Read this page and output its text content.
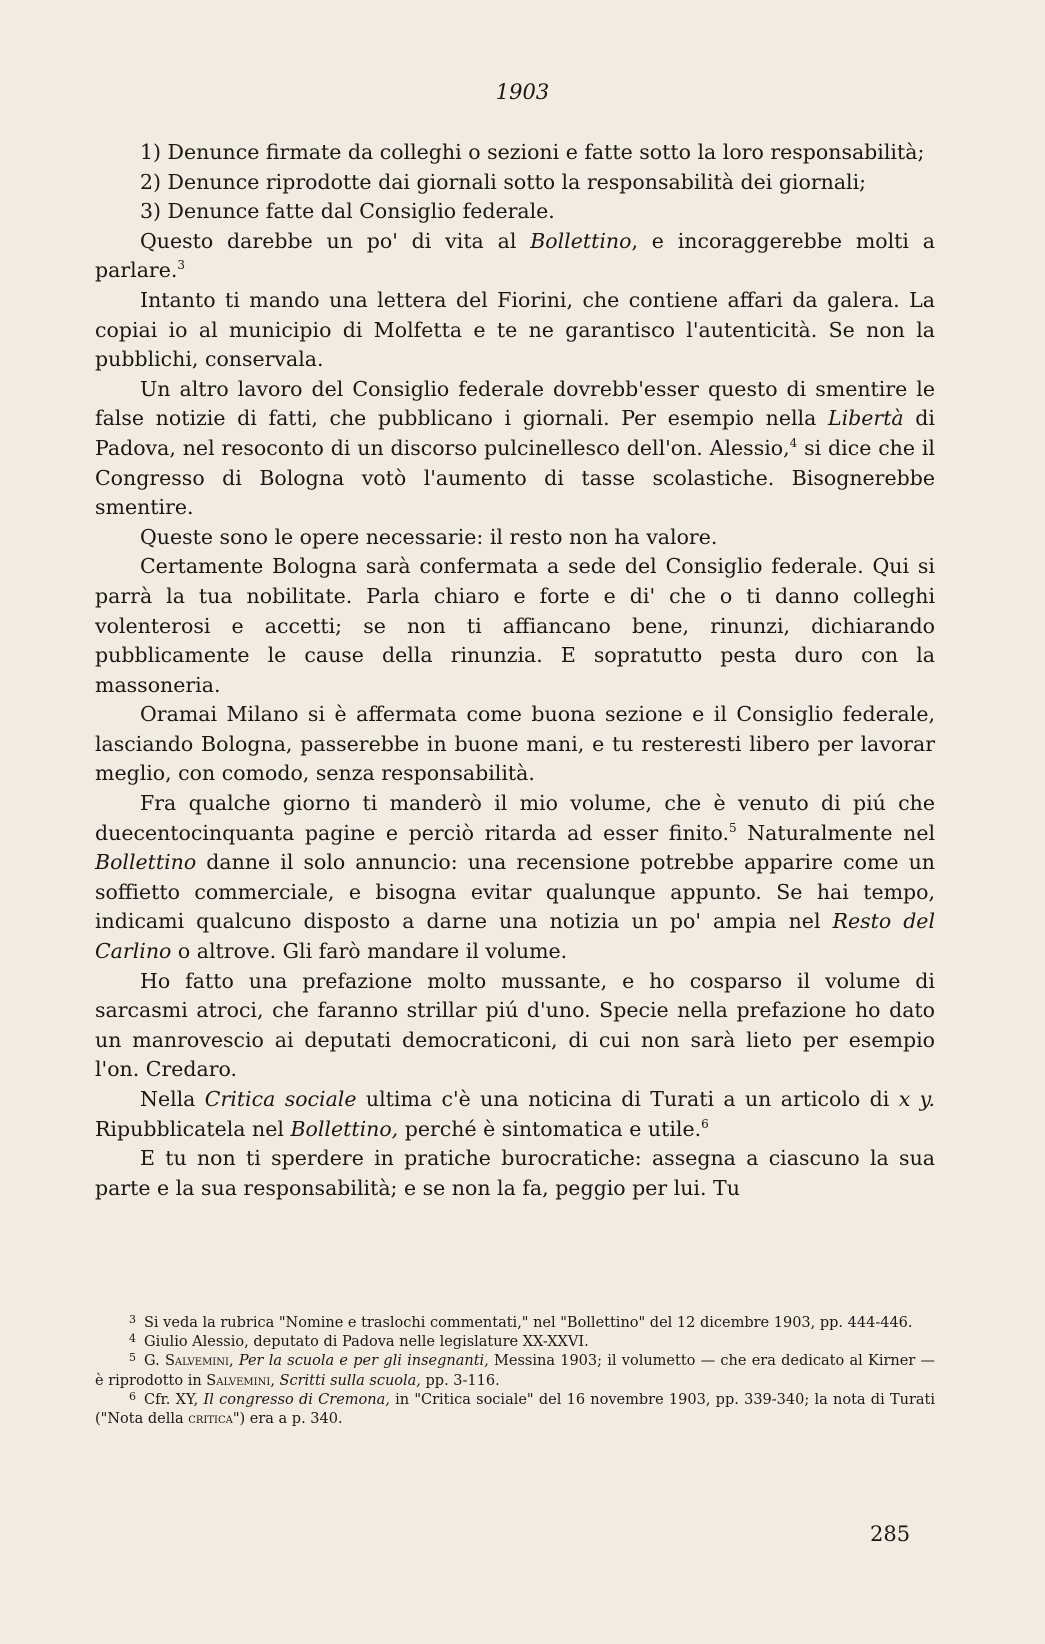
1903

1) Denunce firmate da colleghi o sezioni e fatte sotto la loro responsabilità;

2) Denunce riprodotte dai giornali sotto la responsabilità dei giornali;

3) Denunce fatte dal Consiglio federale.

Questo darebbe un po' di vita al Bollettino, e incoraggerebbe molti a parlare.$^3$

Intanto ti mando una lettera del Fiorini, che contiene affari da galera. La copiai io al municipio di Molfetta e te ne garantisco l'autenticità. Se non la pubblichi, conservala.

Un altro lavoro del Consiglio federale dovrebb'esser questo di smentire le false notizie di fatti, che pubblicano i giornali. Per esempio nella Libertà di Padova, nel resoconto di un discorso pulcinellesco dell'on. Alessio,$^4$ si dice che il Congresso di Bologna votò l'aumento di tasse scolastiche. Bisognerebbe smentire.

Queste sono le opere necessarie: il resto non ha valore.

Certamente Bologna sarà confermata a sede del Consiglio federale. Qui si parrà la tua nobilitate. Parla chiaro e forte e di' che o ti danno colleghi volenterosi e accetti; se non ti affiancano bene, rinunzi, dichiarando pubblicamente le cause della rinunzia. E sopratutto pesta duro con la massoneria.

Oramai Milano si è affermata come buona sezione e il Consiglio federale, lasciando Bologna, passerebbe in buone mani, e tu resteresti libero per lavorar meglio, con comodo, senza responsabilità.

Fra qualche giorno ti manderò il mio volume, che è venuto di piú che duecentocinquanta pagine e perciò ritarda ad esser finito.$^5$ Naturalmente nel Bollettino danne il solo annuncio: una recensione potrebbe apparire come un soffietto commerciale, e bisogna evitar qualunque appunto. Se hai tempo, indicami qualcuno disposto a darne una notizia un po' ampia nel Resto del Carlino o altrove. Gli farò mandare il volume.

Ho fatto una prefazione molto mussante, e ho cosparso il volume di sarcasmi atroci, che faranno strillar piú d'uno. Specie nella prefazione ho dato un manrovescio ai deputati democraticoni, di cui non sarà lieto per esempio l'on. Credaro.

Nella Critica sociale ultima c'è una noticina di Turati a un articolo di x y. Ripubblicatela nel Bollettino, perché è sintomatica e utile.$^6$

E tu non ti sperdere in pratiche burocratiche: assegna a ciascuno la sua parte e la sua responsabilità; e se non la fa, peggio per lui. Tu

$^3$ Si veda la rubrica "Nomine e traslochi commentati," nel "Bollettino" del 12 dicembre 1903, pp. 444-446.

$^4$ Giulio Alessio, deputato di Padova nelle legislature XX-XXVI.

$^5$ G. Salvemini, Per la scuola e per gli insegnanti, Messina 1903; il volumetto — che era dedicato al Kirner — è riprodotto in Salvemini, Scritti sulla scuola, pp. 3-116.

$^6$ Cfr. XY, Il congresso di Cremona, in "Critica sociale" del 16 novembre 1903, pp. 339-340; la nota di Turati ("Nota della critica") era a p. 340.

285
